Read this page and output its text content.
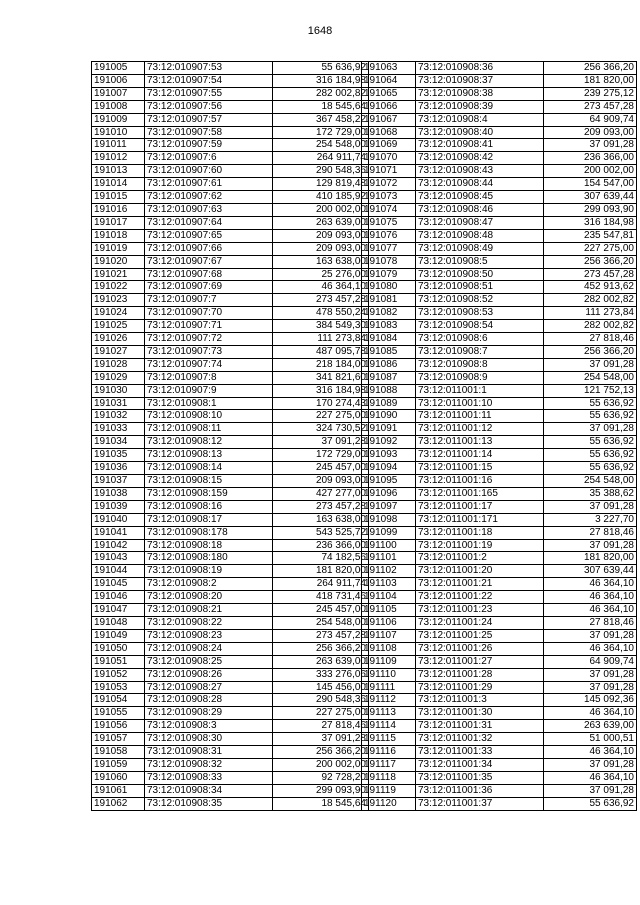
1648
191005	73:12:010907:53	55 636,92
191006	73:12:010907:54	316 184,98
191007	73:12:010907:55	282 002,82
191008	73:12:010907:56	18 545,64
191009	73:12:010907:57	367 458,22
191010	73:12:010907:58	172 729,00
191011	73:12:010907:59	254 548,00
191012	73:12:010907:6	264 911,74
191013	73:12:010907:60	290 548,36
191014	73:12:010907:61	129 819,48
191015	73:12:010907:62	410 185,92
191016	73:12:010907:63	200 002,00
191017	73:12:010907:64	263 639,00
191018	73:12:010907:65	209 093,00
191019	73:12:010907:66	209 093,00
191020	73:12:010907:67	163 638,00
191021	73:12:010907:68	25 276,00
191022	73:12:010907:69	46 364,10
191023	73:12:010907:7	273 457,28
191024	73:12:010907:70	478 550,24
191025	73:12:010907:71	384 549,30
191026	73:12:010907:72	111 273,84
191027	73:12:010907:73	487 095,78
191028	73:12:010907:74	218 184,00
191029	73:12:010907:8	341 821,60
191030	73:12:010907:9	316 184,98
191031	73:12:010908:1	170 274,43
191032	73:12:010908:10	227 275,00
191033	73:12:010908:11	324 730,52
191034	73:12:010908:12	37 091,28
191035	73:12:010908:13	172 729,00
191036	73:12:010908:14	245 457,00
191037	73:12:010908:15	209 093,00
191038	73:12:010908:159	427 277,00
191039	73:12:010908:16	273 457,28
191040	73:12:010908:17	163 638,00
191041	73:12:010908:178	543 525,72
191042	73:12:010908:18	236 366,00
191043	73:12:010908:180	74 182,56
191044	73:12:010908:19	181 820,00
191045	73:12:010908:2	264 911,74
191046	73:12:010908:20	418 731,46
191047	73:12:010908:21	245 457,00
191048	73:12:010908:22	254 548,00
191049	73:12:010908:23	273 457,28
191050	73:12:010908:24	256 366,20
191051	73:12:010908:25	263 639,00
191052	73:12:010908:26	333 276,06
191053	73:12:010908:27	145 456,00
191054	73:12:010908:28	290 548,36
191055	73:12:010908:29	227 275,00
191056	73:12:010908:3	27 818,46
191057	73:12:010908:30	37 091,28
191058	73:12:010908:31	256 366,20
191059	73:12:010908:32	200 002,00
191060	73:12:010908:33	92 728,20
191061	73:12:010908:34	299 093,90
191062	73:12:010908:35	18 545,64
191063	73:12:010908:36	256 366,20
191064	73:12:010908:37	181 820,00
191065	73:12:010908:38	239 275,12
191066	73:12:010908:39	273 457,28
191067	73:12:010908:4	64 909,74
191068	73:12:010908:40	209 093,00
191069	73:12:010908:41	37 091,28
191070	73:12:010908:42	236 366,00
191071	73:12:010908:43	200 002,00
191072	73:12:010908:44	154 547,00
191073	73:12:010908:45	307 639,44
191074	73:12:010908:46	299 093,90
191075	73:12:010908:47	316 184,98
191076	73:12:010908:48	235 547,81
191077	73:12:010908:49	227 275,00
191078	73:12:010908:5	256 366,20
191079	73:12:010908:50	273 457,28
191080	73:12:010908:51	452 913,62
191081	73:12:010908:52	282 002,82
191082	73:12:010908:53	111 273,84
191083	73:12:010908:54	282 002,82
191084	73:12:010908:6	27 818,46
191085	73:12:010908:7	256 366,20
191086	73:12:010908:8	37 091,28
191087	73:12:010908:9	254 548,00
191088	73:12:011001:1	121 752,13
191089	73:12:011001:10	55 636,92
191090	73:12:011001:11	55 636,92
191091	73:12:011001:12	37 091,28
191092	73:12:011001:13	55 636,92
191093	73:12:011001:14	55 636,92
191094	73:12:011001:15	55 636,92
191095	73:12:011001:16	254 548,00
191096	73:12:011001:165	35 388,62
191097	73:12:011001:17	37 091,28
191098	73:12:011001:171	3 227,70
191099	73:12:011001:18	27 818,46
191100	73:12:011001:19	37 091,28
191101	73:12:011001:2	181 820,00
191102	73:12:011001:20	307 639,44
191103	73:12:011001:21	46 364,10
191104	73:12:011001:22	46 364,10
191105	73:12:011001:23	46 364,10
191106	73:12:011001:24	27 818,46
191107	73:12:011001:25	37 091,28
191108	73:12:011001:26	46 364,10
191109	73:12:011001:27	64 909,74
191110	73:12:011001:28	37 091,28
191111	73:12:011001:29	37 091,28
191112	73:12:011001:3	145 092,36
191113	73:12:011001:30	46 364,10
191114	73:12:011001:31	263 639,00
191115	73:12:011001:32	51 000,51
191116	73:12:011001:33	46 364,10
191117	73:12:011001:34	37 091,28
191118	73:12:011001:35	46 364,10
191119	73:12:011001:36	37 091,28
191120	73:12:011001:37	55 636,92
